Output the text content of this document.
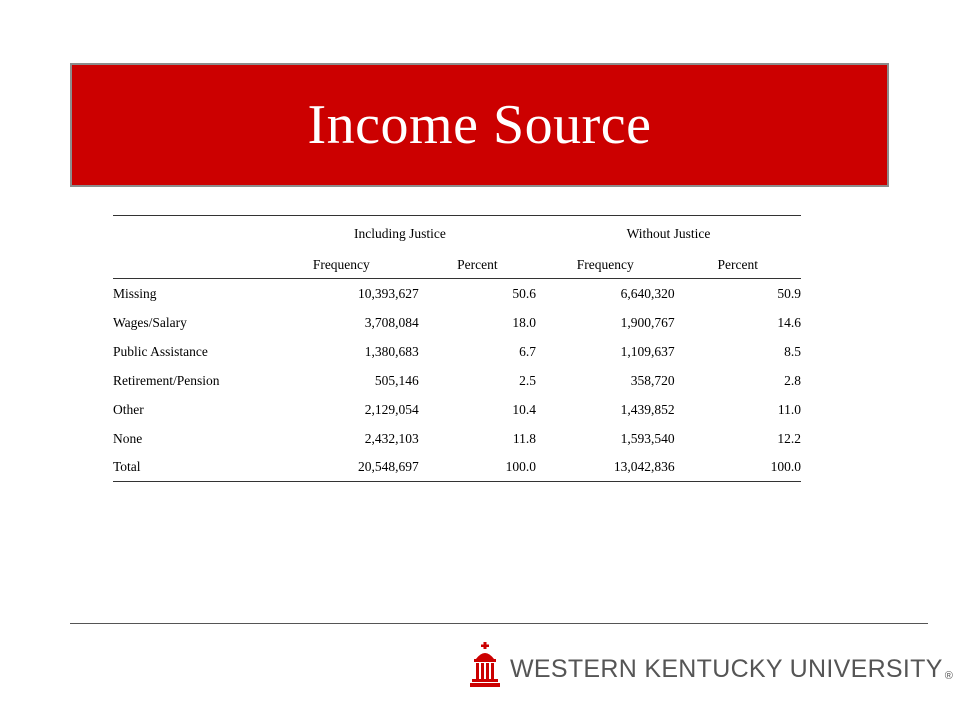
Income Source
	Including Justice		Without Justice	
	Frequency	Percent	Frequency	Percent
Missing	10,393,627	50.6	6,640,320	50.9
Wages/Salary	3,708,084	18.0	1,900,767	14.6
Public Assistance	1,380,683	6.7	1,109,637	8.5
Retirement/Pension	505,146	2.5	358,720	2.8
Other	2,129,054	10.4	1,439,852	11.0
None	2,432,103	11.8	1,593,540	12.2
Total	20,548,697	100.0	13,042,836	100.0
WESTERN KENTUCKY UNIVERSITY ®
